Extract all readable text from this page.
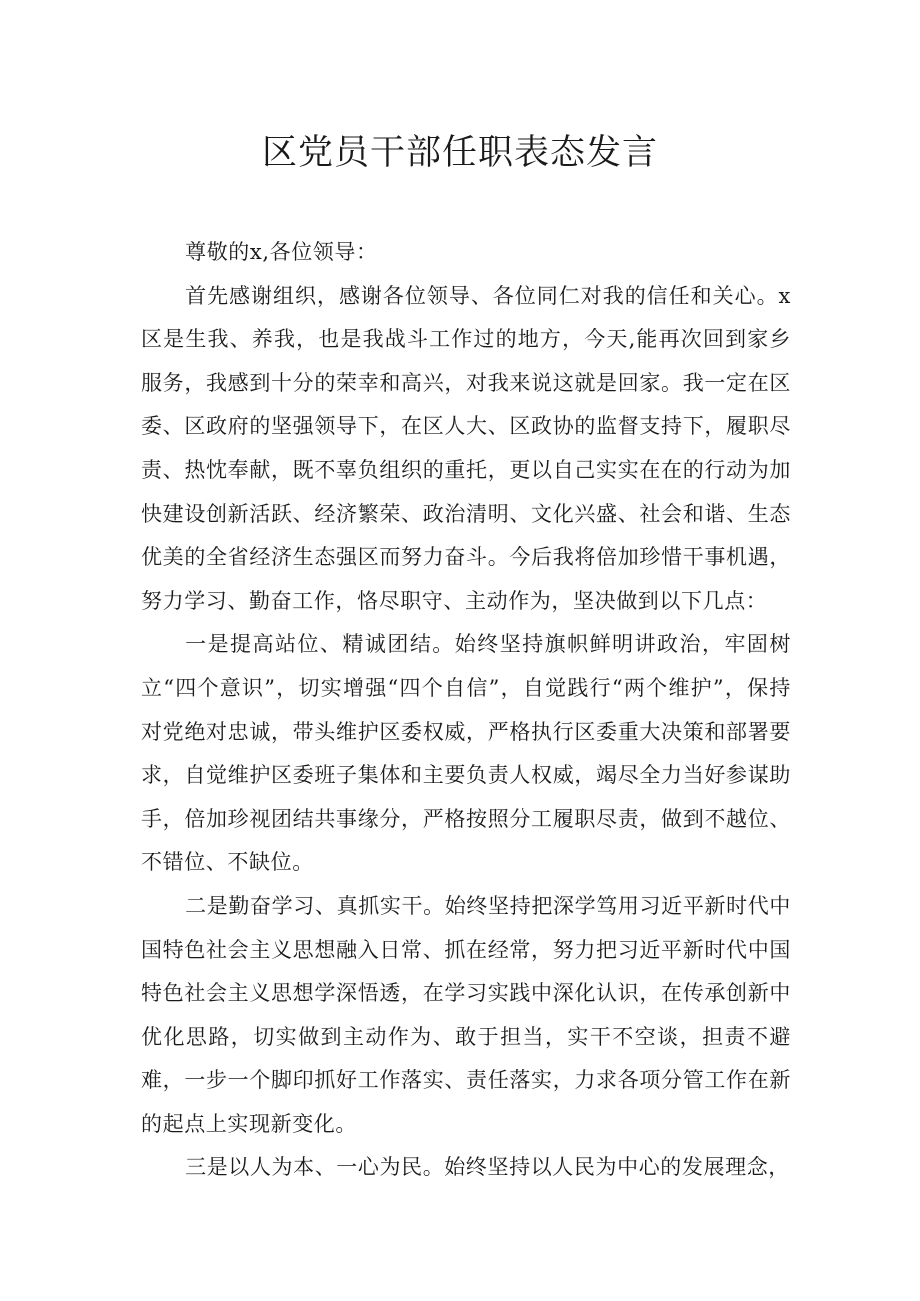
区党员干部任职表态发言

尊敬的x,各位领导：

首先感谢组织，感谢各位领导、各位同仁对我的信任和关心。x区是生我、养我，也是我战斗工作过的地方，今天,能再次回到家乡服务，我感到十分的荣幸和高兴，对我来说这就是回家。我一定在区委、区政府的坚强领导下，在区人大、区政协的监督支持下，履职尽责、热忱奉献，既不辜负组织的重托，更以自己实实在在的行动为加快建设创新活跃、经济繁荣、政治清明、文化兴盛、社会和谐、生态优美的全省经济生态强区而努力奋斗。今后我将倍加珍惜干事机遇，努力学习、勤奋工作，恪尽职守、主动作为，坚决做到以下几点：

一是提高站位、精诚团结。始终坚持旗帜鲜明讲政治，牢固树立“四个意识”，切实增强“四个自信”，自觉践行“两个维护”，保持对党绝对忠诚，带头维护区委权威，严格执行区委重大决策和部署要求，自觉维护区委班子集体和主要负责人权威，竭尽全力当好参谋助手，倍加珍视团结共事缘分，严格按照分工履职尽责，做到不越位、不错位、不缺位。

二是勤奋学习、真抓实干。始终坚持把深学笃用习近平新时代中国特色社会主义思想融入日常、抓在经常，努力把习近平新时代中国特色社会主义思想学深悟透，在学习实践中深化认识，在传承创新中优化思路，切实做到主动作为、敢于担当，实干不空谈，担责不避难，一步一个脚印抓好工作落实、责任落实，力求各项分管工作在新的起点上实现新变化。

三是以人为本、一心为民。始终坚持以人民为中心的发展理念，
